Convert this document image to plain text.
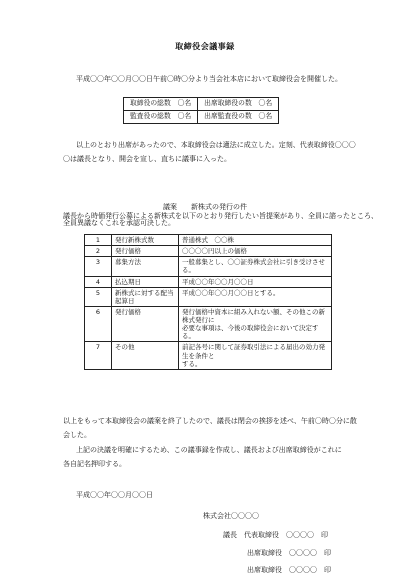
取締役会議事録
平成〇〇年〇〇月〇〇日午前〇時〇分より当会社本店において取締役会を開催した。
取締役の総数　〇名	出席取締役の数　〇名
監査役の総数　〇名	出席監査役の数　〇名
以上のとおり出席があったので、本取締役会は適法に成立した。定刻、代表取締役〇〇〇
〇は議長となり、開会を宣し、直ちに議事に入った。
議案　　新株式の発行の件
議長から時価発行公募による新株式を以下のとおり発行したい旨提案があり、全員に諮ったところ、
全員異議なくこれを承認可決した。
1	発行新株式数	普通株式　〇〇株

2	発行価格	〇〇〇〇円以上の価格

3	募集方法	一般募集とし、〇〇証券株式会社に引き受けさせる。

4	払込期日	平成〇〇年〇〇月〇〇日

5	新株式に対する配当
起算日	平成〇〇年〇〇月〇〇日とする。

6	発行価格	発行価格中資本に組み入れない額、その他この新株式発行に
必要な事項は、今後の取締役会において決定する。

7	その他	前記各号に関して証券取引法による届出の効力発生を条件と
する。
以上をもって本取締役会の議案を終了したので、議長は閉会の挨拶を述べ、午前〇時〇分に散
会した。
上記の決議を明確にするため、この議事録を作成し、議長および出席取締役がこれに
各自記名押印する。
平成〇〇年〇〇月〇〇日
株式会社〇〇〇〇
議長　代表取締役　〇〇〇〇　印
出席取締役　〇〇〇〇　印
出席取締役　〇〇〇〇　印
